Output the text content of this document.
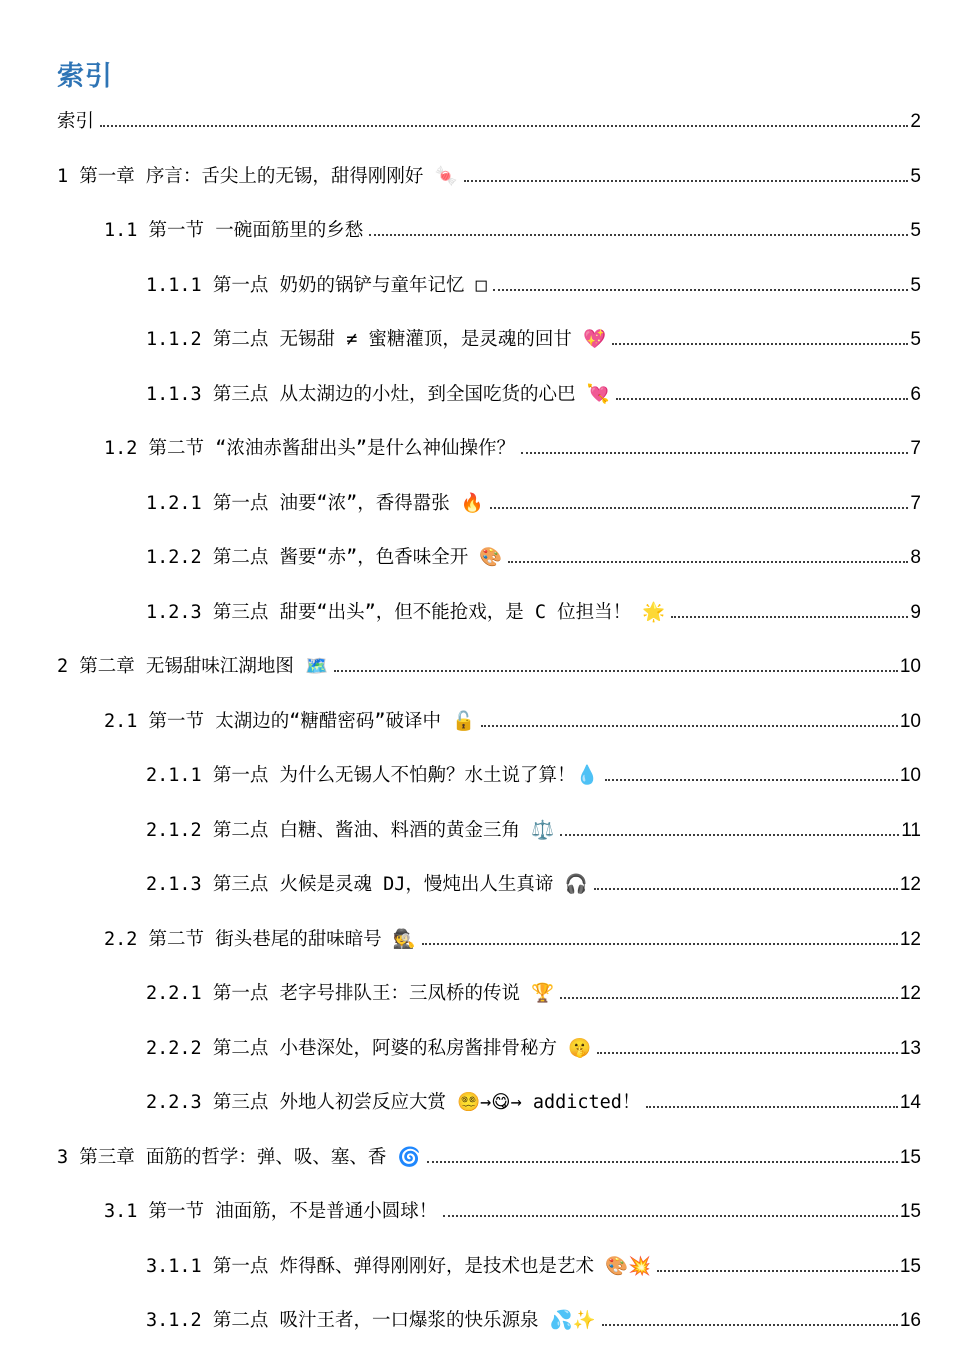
索引
索引	2
1 第一章 序言：舌尖上的无锡，甜得刚刚好 🍬	5
1.1 第一节 一碗面筋里的乡愁	5
1.1.1 第一点 奶奶的锅铲与童年记忆 □	5
1.1.2 第二点 无锡甜 ≠ 蜜糖灌顶，是灵魂的回甘 💖	5
1.1.3 第三点 从太湖边的小灶，到全国吃货的心巴 💘	6
1.2 第二节 “浓油赤酱甜出头”是什么神仙操作？	7
1.2.1 第一点 油要“浓”，香得嚣张 🔥	7
1.2.2 第二点 酱要“赤”，色香味全开 🎨	8
1.2.3 第三点 甜要“出头”，但不能抢戏，是 C 位担当！ 🌟	9
2 第二章 无锡甜味江湖地图 🗺️	10
2.1 第一节 太湖边的“糖醋密码”破译中 🔓	10
2.1.1 第一点 为什么无锡人不怕齁？水土说了算！💧	10
2.1.2 第二点 白糖、酱油、料酒的黄金三角 ⚖️	11
2.1.3 第三点 火候是灵魂 DJ，慢炖出人生真谛 🎧	12
2.2 第二节 街头巷尾的甜味暗号 🕵️	12
2.2.1 第一点 老字号排队王：三凤桥的传说 🏆	12
2.2.2 第二点 小巷深处，阿婆的私房酱排骨秘方 🤫	13
2.2.3 第三点 外地人初尝反应大赏 😵‍💫→😋→ addicted！	14
3 第三章 面筋的哲学：弹、吸、塞、香 🌀	15
3.1 第一节 油面筋，不是普通小圆球！	15
3.1.1 第一点 炸得酥、弹得刚刚好，是技术也是艺术 🎨💥	15
3.1.2 第二点 吸汁王者，一口爆浆的快乐源泉 💦✨	16
